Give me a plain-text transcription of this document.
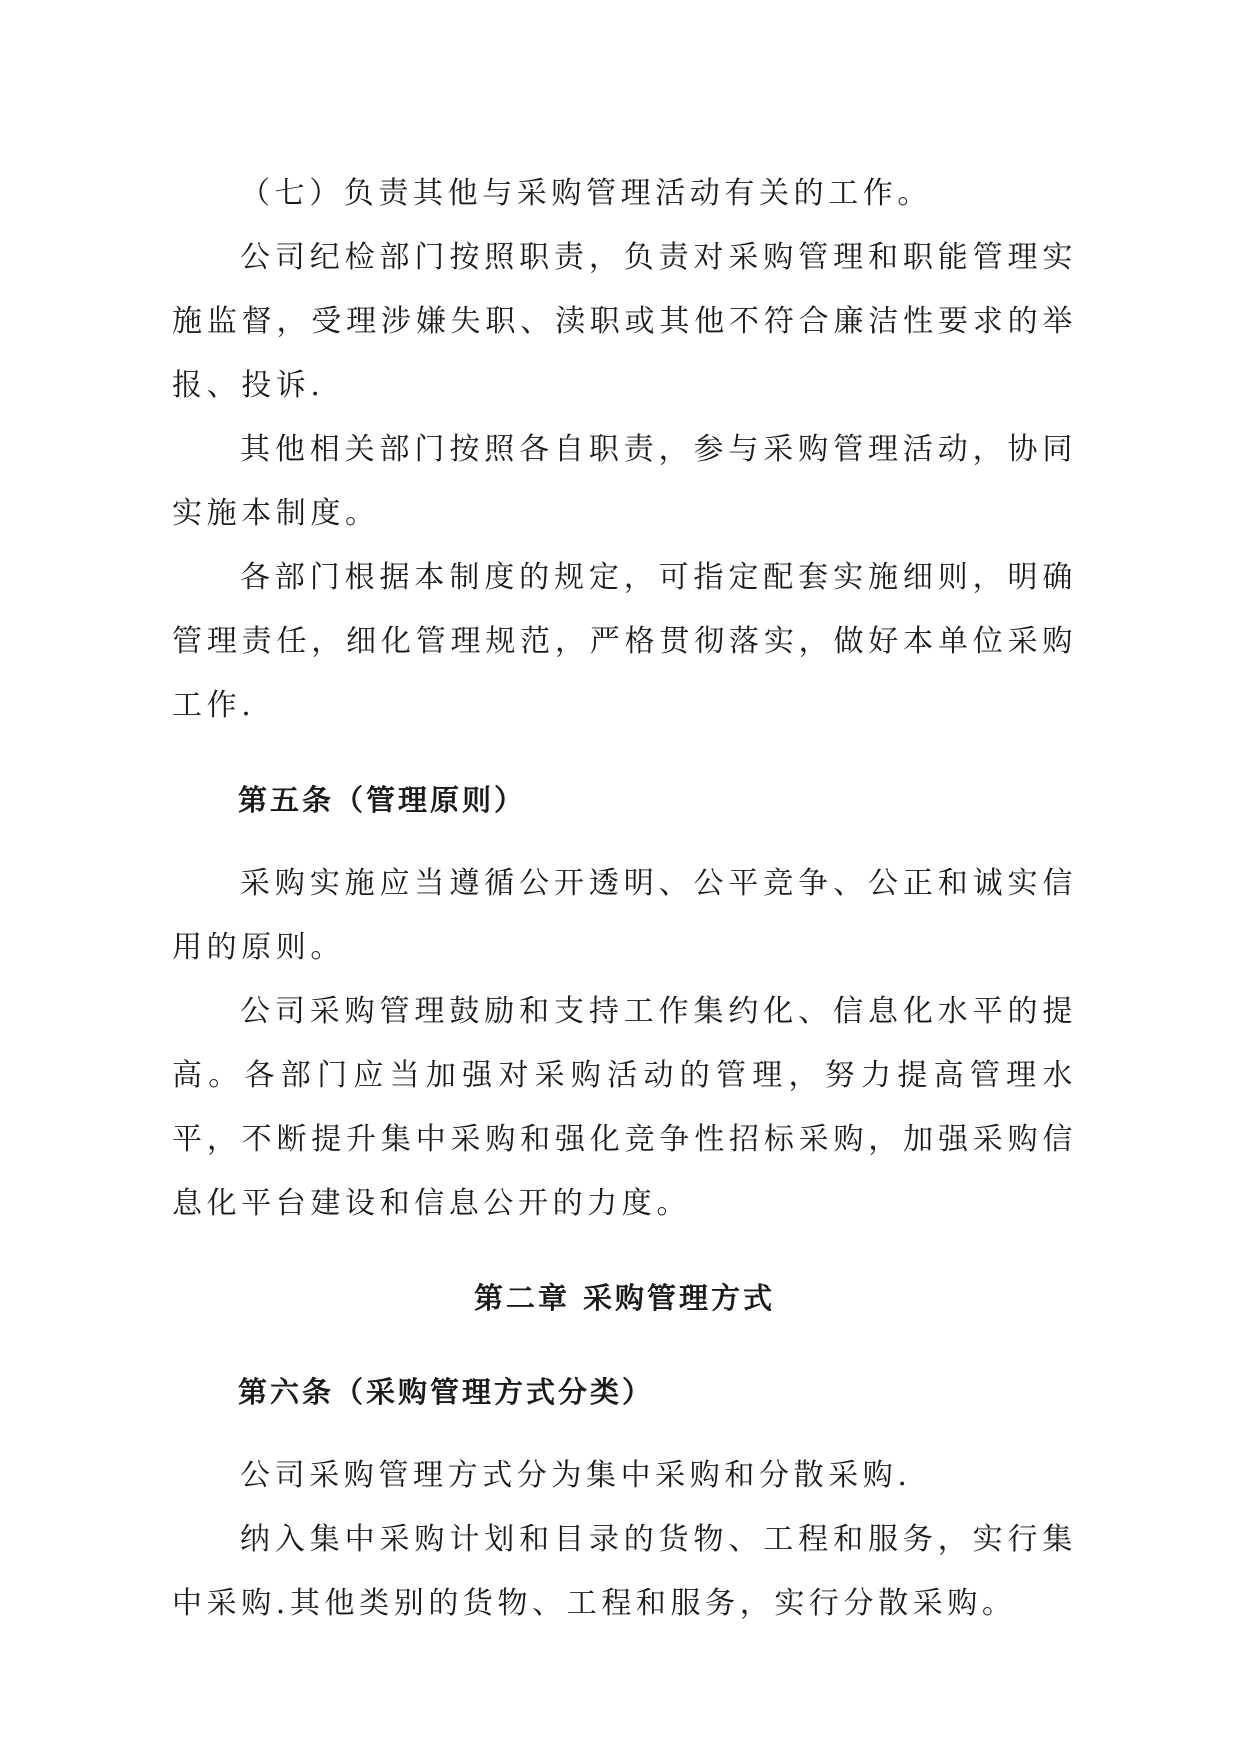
（七）负责其他与采购管理活动有关的工作。

公司纪检部门按照职责，负责对采购管理和职能管理实施监督，受理涉嫌失职、渎职或其他不符合廉洁性要求的举报、投诉.

其他相关部门按照各自职责，参与采购管理活动，协同实施本制度。

各部门根据本制度的规定，可指定配套实施细则，明确管理责任，细化管理规范，严格贯彻落实，做好本单位采购工作.

第五条（管理原则）

采购实施应当遵循公开透明、公平竞争、公正和诚实信用的原则。

公司采购管理鼓励和支持工作集约化、信息化水平的提高。各部门应当加强对采购活动的管理，努力提高管理水平，不断提升集中采购和强化竞争性招标采购，加强采购信息化平台建设和信息公开的力度。

第二章 采购管理方式

第六条（采购管理方式分类）

公司采购管理方式分为集中采购和分散采购.

纳入集中采购计划和目录的货物、工程和服务，实行集中采购.其他类别的货物、工程和服务，实行分散采购。
